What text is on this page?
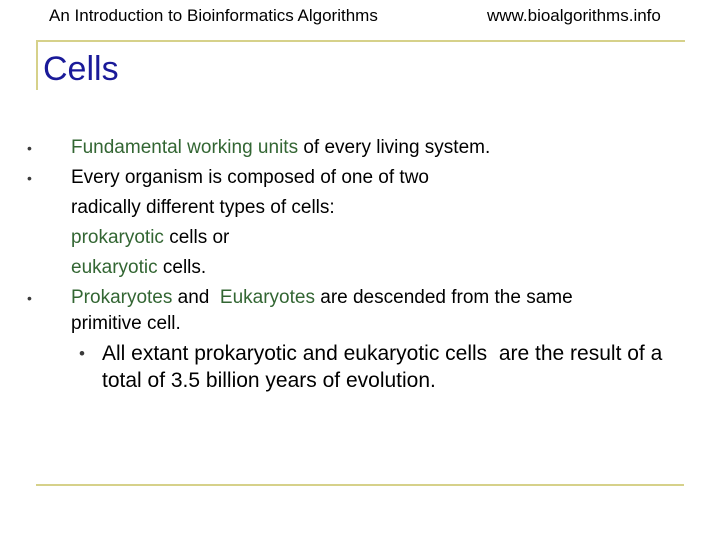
An Introduction to Bioinformatics Algorithms	www.bioalgorithms.info
Cells
• Fundamental working units of every living system.
• Every organism is composed of one of two
radically different types of cells:
prokaryotic cells or
eukaryotic cells.
• Prokaryotes and  Eukaryotes are descended from the same
primitive cell.
• All extant prokaryotic and eukaryotic cells  are the result of a total of 3.5 billion years of evolution.
